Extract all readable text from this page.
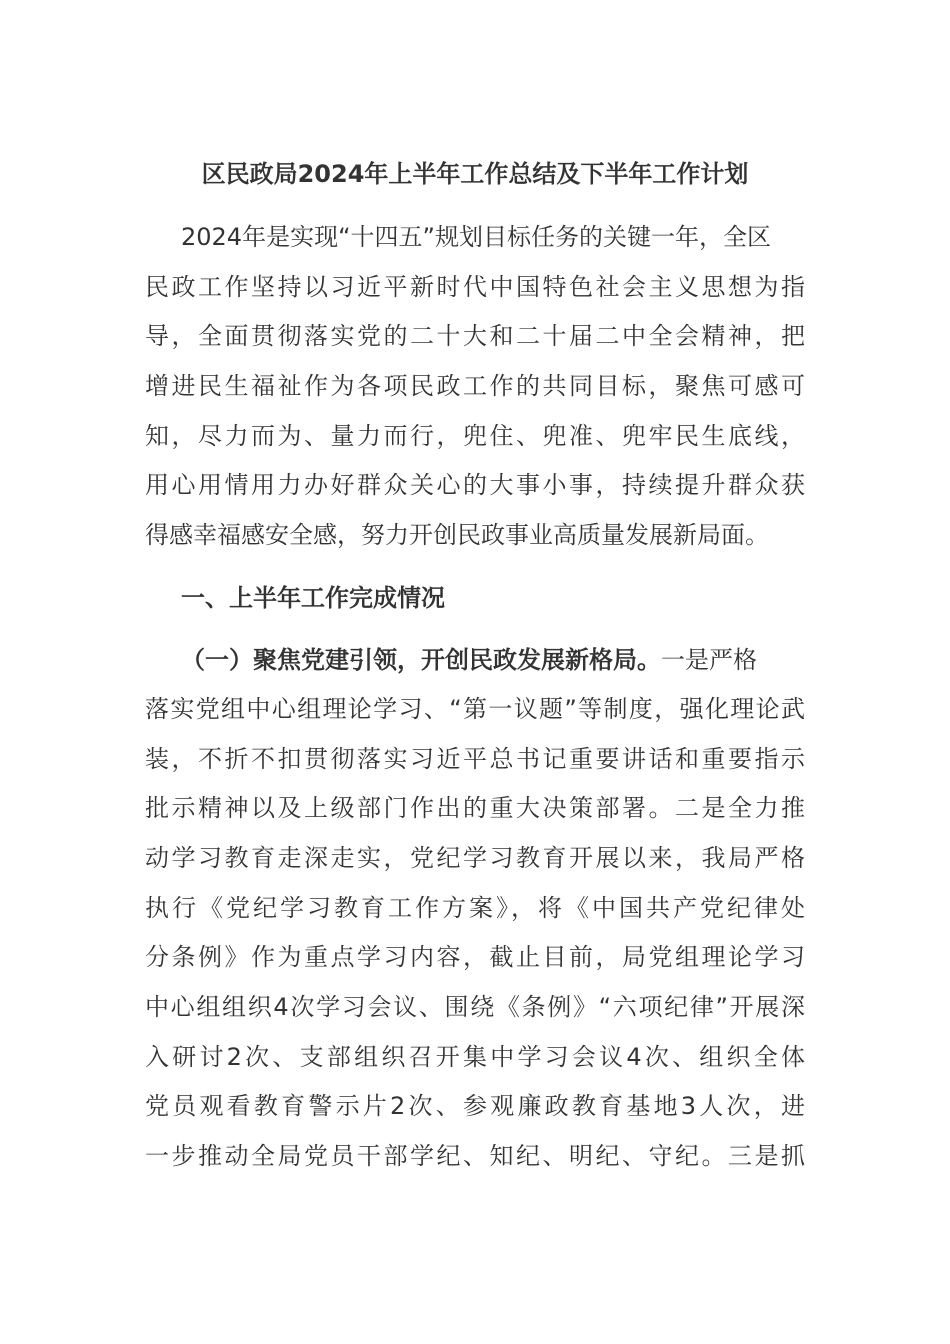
区民政局2024年上半年工作总结及下半年工作计划
2024年是实现“十四五”规划目标任务的关键一年，全区
民政工作坚持以习近平新时代中国特色社会主义思想为指
导，全面贯彻落实党的二十大和二十届二中全会精神，把
增进民生福祉作为各项民政工作的共同目标，聚焦可感可
知，尽力而为、量力而行，兜住、兜准、兜牢民生底线，
用心用情用力办好群众关心的大事小事，持续提升群众获
得感幸福感安全感，努力开创民政事业高质量发展新局面。
一、上半年工作完成情况
（一）聚焦党建引领，开创民政发展新格局。一是严格
落实党组中心组理论学习、“第一议题”等制度，强化理论武
装，不折不扣贯彻落实习近平总书记重要讲话和重要指示
批示精神以及上级部门作出的重大决策部署。二是全力推
动学习教育走深走实，党纪学习教育开展以来，我局严格
执行《党纪学习教育工作方案》，将《中国共产党纪律处
分条例》作为重点学习内容，截止目前，局党组理论学习
中心组组织4次学习会议、围绕《条例》“六项纪律”开展深
入研讨2次、支部组织召开集中学习会议4次、组织全体
党员观看教育警示片2次、参观廉政教育基地3人次，进
一步推动全局党员干部学纪、知纪、明纪、守纪。三是抓
